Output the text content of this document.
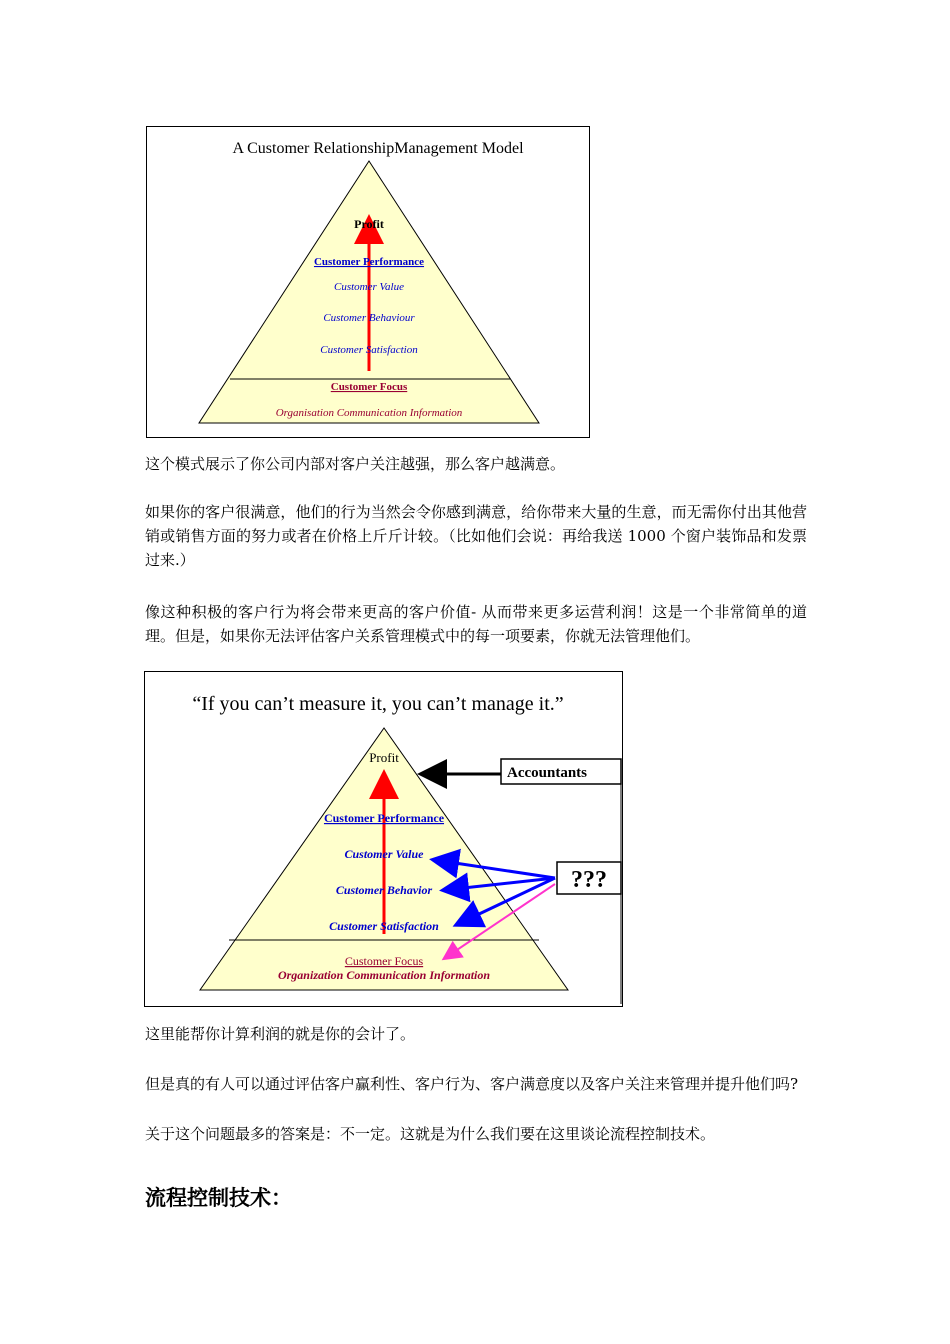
A Customer RelationshipManagement Model
Profit
Customer Performance
Customer Value
Customer Behaviour
Customer Satisfaction
Customer Focus
Organisation Communication Information

这个模式展示了你公司内部对客户关注越强，那么客户越满意。

如果你的客户很满意，他们的行为当然会令你感到满意，给你带来大量的生意，而无需你付出其他营销或销售方面的努力或者在价格上斤斤计较。（比如他们会说：再给我送 1000 个窗户装饰品和发票过来.）

像这种积极的客户行为将会带来更高的客户价值- 从而带来更多运营利润！这是一个非常简单的道理。但是，如果你无法评估客户关系管理模式中的每一项要素，你就无法管理他们。

“If you can’t measure it, you can’t manage it.”
Profit
Accountants
Customer Performance
Customer Value
Customer Behavior
Customer Satisfaction
???
Customer Focus
Organization Communication Information

这里能帮你计算利润的就是你的会计了。

但是真的有人可以通过评估客户赢利性、客户行为、客户满意度以及客户关注来管理并提升他们吗?

关于这个问题最多的答案是：不一定。这就是为什么我们要在这里谈论流程控制技术。

流程控制技术：
